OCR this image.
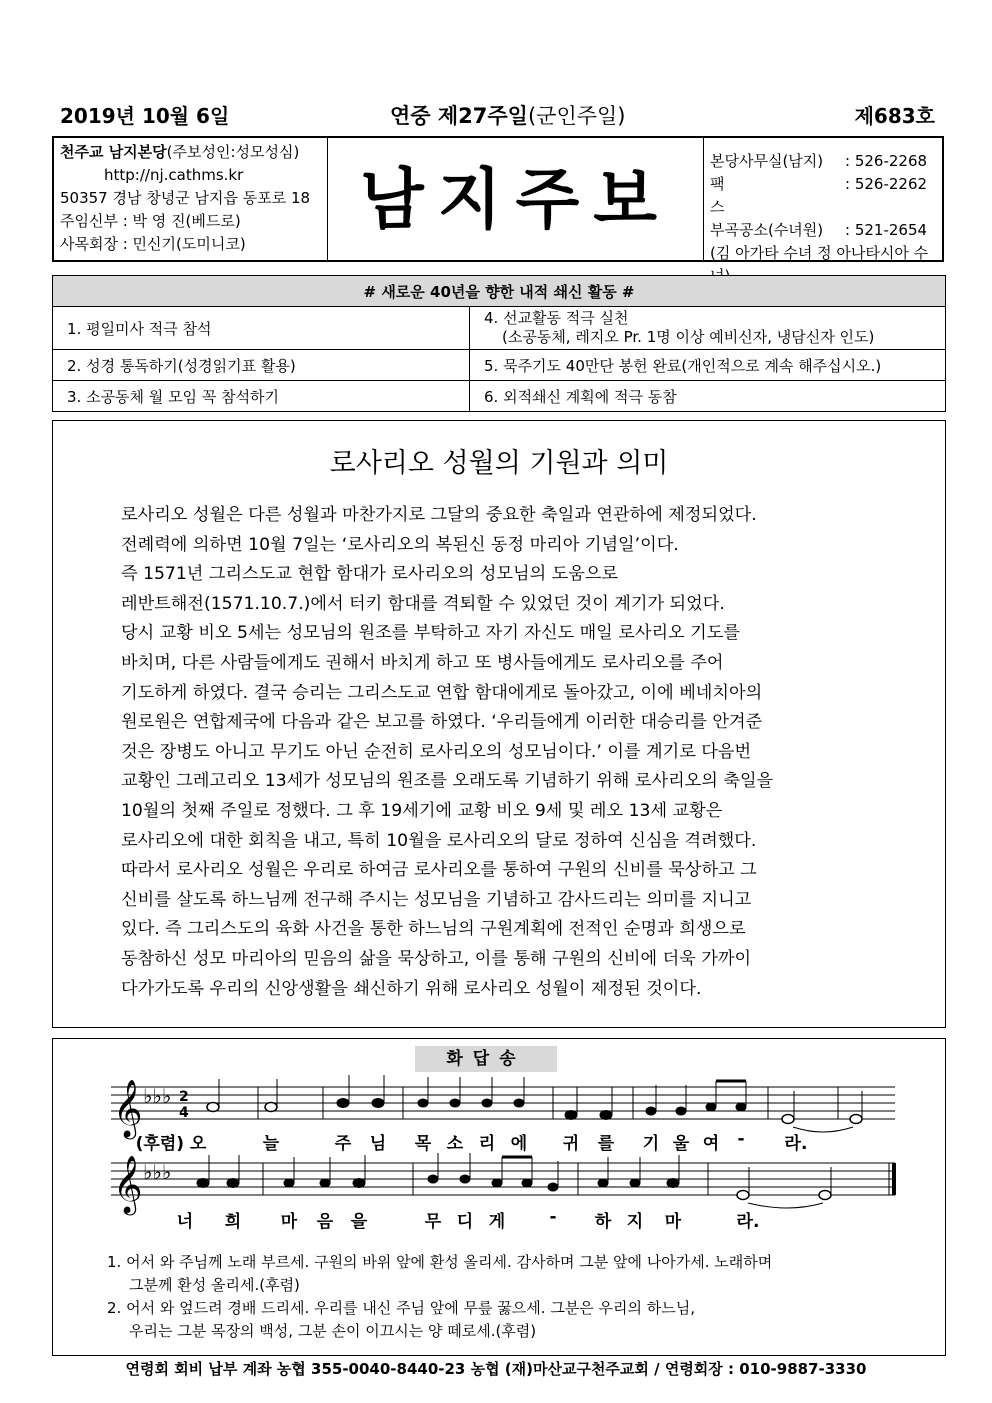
2019년 10월 6일	연중 제27주일(군인주일)	제683호
천주교 남지본당(주보성인:성모성심)
http://nj.cathms.kr
50357 경남 창녕군 남지읍 동포로 18
주임신부 : 박 영 진(베드로)
사목회장 : 민신기(도미니코)
남지주보	본당사무실(남지)	: 526-2268
팩스
: 526-2262
부곡공소(수녀원)	: 521-2654
(김 아가타 수녀 정 아나타시아 수
# 새로운 40년을 향한 내적 쇄신 활동 #	
1. 평일미사 적극 참석	4. 선교활동 적극 실천
(소공동체, 레지오 Pr. 1명 이상 예비신자, 냉담신자 인도)

2. 성경 통독하기(성경읽기표 활용)	5. 묵주기도 40만단 봉헌 완료(개인적으로 계속 해주십시오.)
3. 소공동체 월 모임 꼭 참석하기	6. 외적쇄신 계획에 적극 동참
로사리오 성월의 기원과 의미
로사리오 성월은 다른 성월과 마찬가지로 그달의 중요한 축일과 연관하에 제정되었다.
전례력에 의하면 10월 7일는 ‘로사리오의 복된신 동정 마리아 기념일’이다.
즉 1571년 그리스도교 현합 함대가 로사리오의 성모님의 도움으로
레반트해전(1571.10.7.)에서 터키 함대를 격퇴할 수 있었던 것이 계기가 되었다.
당시 교황 비오 5세는 성모님의 원조를 부탁하고 자기 자신도 매일 로사리오 기도를
바치며, 다른 사람들에게도 권해서 바치게 하고 또 병사들에게도 로사리오를 주어
기도하게 하였다. 결국 승리는 그리스도교 연합 함대에게로 돌아갔고, 이에 베네치아의
원로원은 연합제국에 다음과 같은 보고를 하였다. ‘우리들에게 이러한 대승리를 안겨준
것은 장병도 아니고 무기도 아닌 순전히 로사리오의 성모님이다.’ 이를 계기로 다음번
교황인 그레고리오 13세가 성모님의 원조를 오래도록 기념하기 위해 로사리오의 축일을
10월의 첫째 주일로 정했다. 그 후 19세기에 교황 비오 9세 및 레오 13세 교황은
로사리오에 대한 회칙을 내고, 특히 10월을 로사리오의 달로 정하여 신심을 격려했다.
따라서 로사리오 성월은 우리로 하여금 로사리오를 통하여 구원의 신비를 묵상하고 그
신비를 살도록 하느님께 전구해 주시는 성모님을 기념하고 감사드리는 의미를 지니고
있다. 즉 그리스도의 육화 사건을 통한 하느님의 구원계획에 전적인 순명과 희생으로
동참하신 성모 마리아의 믿음의 삶을 묵상하고, 이를 통해 구원의 신비에 더욱 가까이
다가가도록 우리의 신앙생활을 쇄신하기 위해 로사리오 성월이 제정된 것이다.
화답송
𝄞 ♭♭♭ 2
4
𝄞 ♭♭♭
(후렴) 오	늘	주 님 목 소 리 에 귀 를 기 울 여 - 라.
너 희 마 음 을	무 디 게	- 하 지 마	라.
1. 어서 와 주님께 노래 부르세. 구원의 바위 앞에 환성 올리세. 감사하며 그분 앞에 나아가세. 노래하며
그분께 환성 올리세.(후렴)
2. 어서 와 엎드려 경배 드리세. 우리를 내신 주님 앞에 무릎 꿇으세. 그분은 우리의 하느님,
우리는 그분 목장의 백성, 그분 손이 이끄시는 양 떼로세.(후렴)
연령회 회비 납부 계좌 농협 355-0040-8440-23 농협 (재)마산교구천주교회 / 연령회장 : 010-9887-3330
